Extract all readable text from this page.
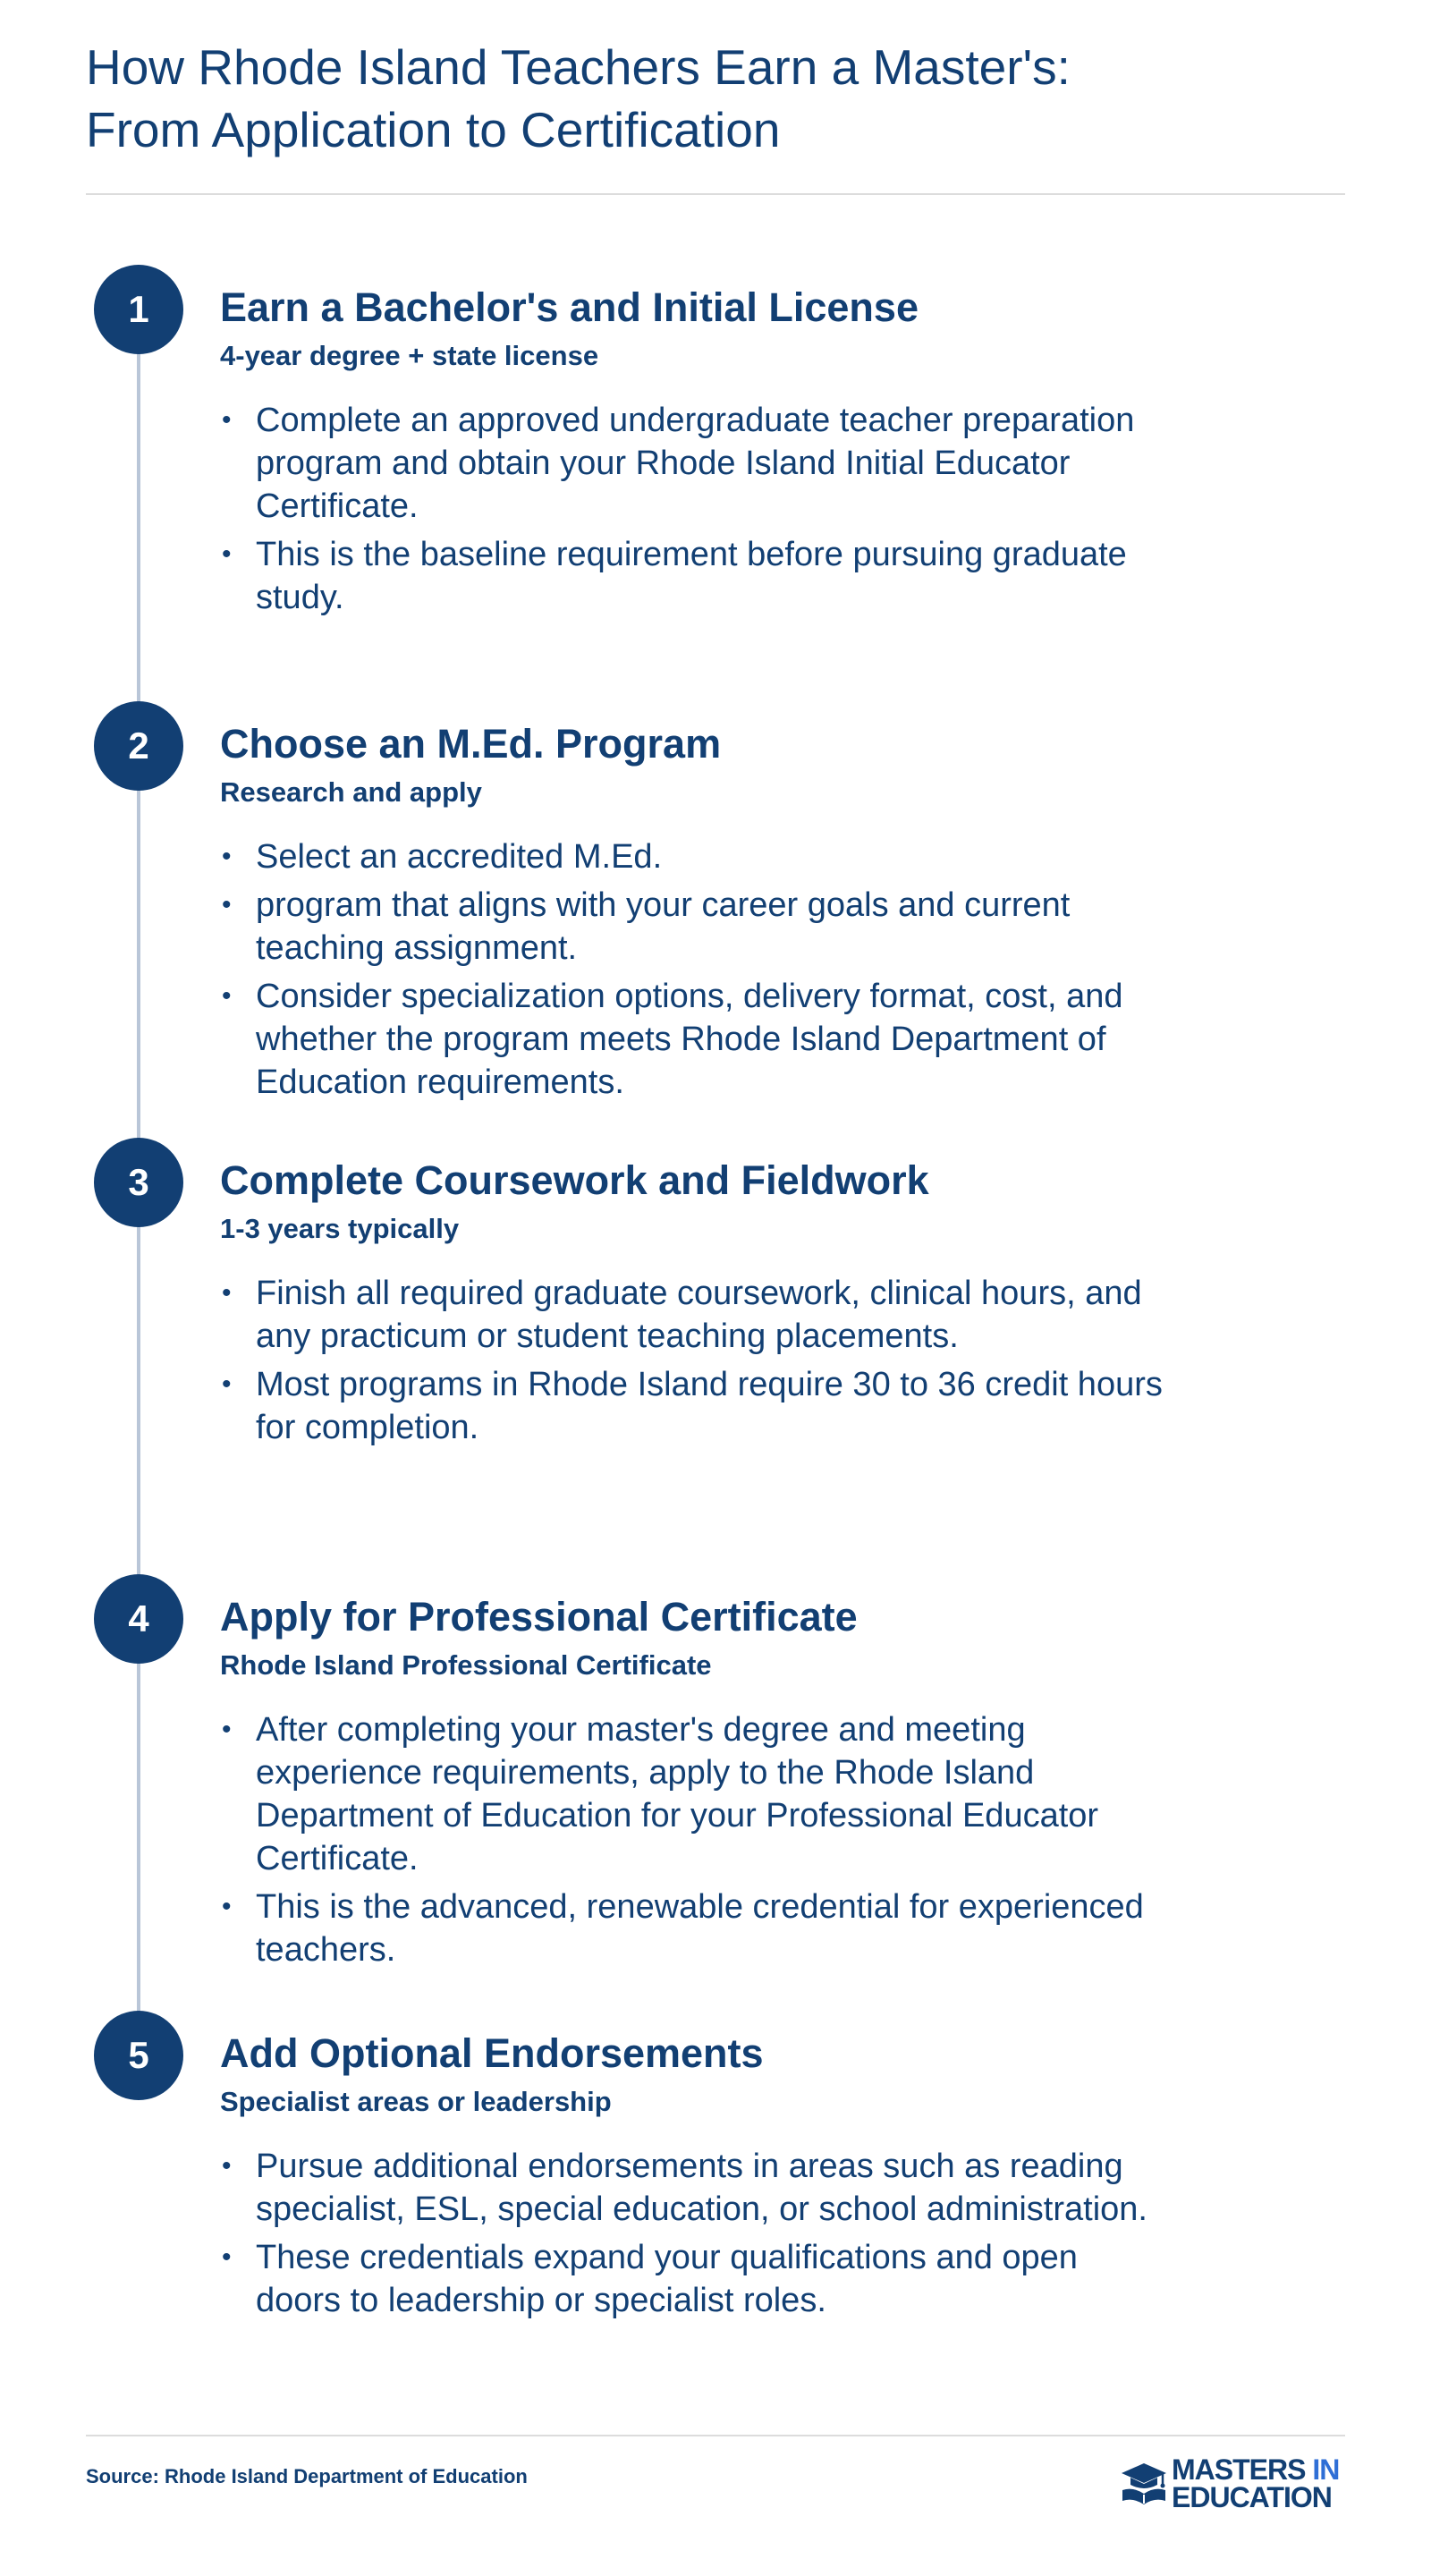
How Rhode Island Teachers Earn a Master's:
From Application to Certification
1	Earn a Bachelor's and Initial License

4-year degree + state license

• Complete an approved undergraduate teacher preparation program and obtain your Rhode Island Initial Educator Certificate.
• This is the baseline requirement before pursuing graduate study.
2	Choose an M.Ed. Program

Research and apply

• Select an accredited M.Ed.
• program that aligns with your career goals and current teaching assignment.
• Consider specialization options, delivery format, cost, and whether the program meets Rhode Island Department of Education requirements.
3	Complete Coursework and Fieldwork

1-3 years typically

• Finish all required graduate coursework, clinical hours, and any practicum or student teaching placements.
• Most programs in Rhode Island require 30 to 36 credit hours for completion.
4	Apply for Professional Certificate

Rhode Island Professional Certificate

• After completing your master's degree and meeting experience requirements, apply to the Rhode Island Department of Education for your Professional Educator Certificate.
• This is the advanced, renewable credential for experienced teachers.
5	Add Optional Endorsements

Specialist areas or leadership

• Pursue additional endorsements in areas such as reading specialist, ESL, special education, or school administration.
• These credentials expand your qualifications and open doors to leadership or specialist roles.
Source: Rhode Island Department of Education	MASTERS IN
EDUCATION
